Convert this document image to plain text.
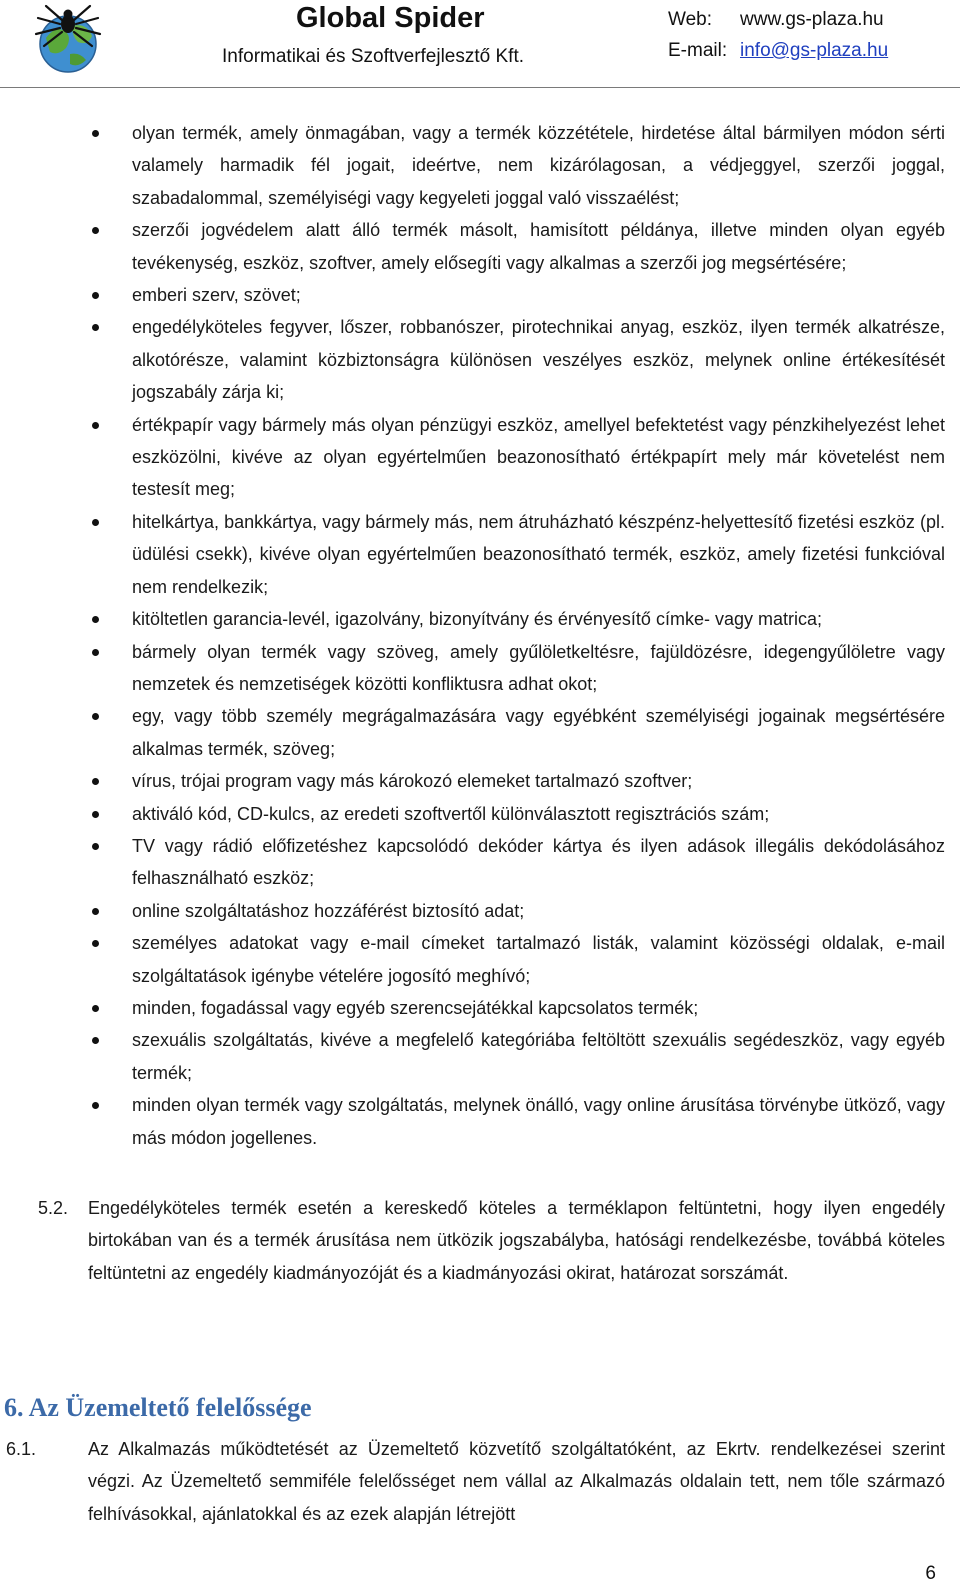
Global Spider
Informatikai és Szoftverfejlesztő Kft.
Web: www.gs-plaza.hu
E-mail: info@gs-plaza.hu
olyan termék, amely önmagában, vagy a termék közzététele, hirdetése által bármilyen módon sérti valamely harmadik fél jogait, ideértve, nem kizárólagosan, a védjeggyel, szerzői joggal, szabadalommal, személyiségi vagy kegyeleti joggal való visszaélést;
szerzői jogvédelem alatt álló termék másolt, hamisított példánya, illetve minden olyan egyéb tevékenység, eszköz, szoftver, amely elősegíti vagy alkalmas a szerzői jog megsértésére;
emberi szerv, szövet;
engedélyköteles fegyver, lőszer, robbanószer, pirotechnikai anyag, eszköz, ilyen termék alkatrésze, alkotórésze, valamint közbiztonságra különösen veszélyes eszköz, melynek online értékesítését jogszabály zárja ki;
értékpapír vagy bármely más olyan pénzügyi eszköz, amellyel befektetést vagy pénzkihelyezést lehet eszközölni, kivéve az olyan egyértelműen beazonosítható értékpapírt mely már követelést nem testesít meg;
hitelkártya, bankkártya, vagy bármely más, nem átruházható készpénz-helyettesítő fizetési eszköz (pl. üdülési csekk), kivéve olyan egyértelműen beazonosítható termék, eszköz, amely fizetési funkcióval nem rendelkezik;
kitöltetlen garancia-levél, igazolvány, bizonyítvány és érvényesítő címke- vagy matrica;
bármely olyan termék vagy szöveg, amely gyűlöletkeltésre, fajüldözésre, idegengyűlöletre vagy nemzetek és nemzetiségek közötti konfliktusra adhat okot;
egy, vagy több személy megrágalmazására vagy egyébként személyiségi jogainak megsértésére alkalmas termék, szöveg;
vírus, trójai program vagy más károkozó elemeket tartalmazó szoftver;
aktiváló kód, CD-kulcs, az eredeti szoftvertől különválasztott regisztrációs szám;
TV vagy rádió előfizetéshez kapcsolódó dekóder kártya és ilyen adások illegális dekódolásához felhasználható eszköz;
online szolgáltatáshoz hozzáférést biztosító adat;
személyes adatokat vagy e-mail címeket tartalmazó listák, valamint közösségi oldalak, e-mail szolgáltatások igénybe vételére jogosító meghívó;
minden, fogadással vagy egyéb szerencsejátékkal kapcsolatos termék;
szexuális szolgáltatás, kivéve a megfelelő kategóriába feltöltött szexuális segédeszköz, vagy egyéb termék;
minden olyan termék vagy szolgáltatás, melynek önálló, vagy online árusítása törvénybe ütköző, vagy más módon jogellenes.
5.2. Engedélyköteles termék esetén a kereskedő köteles a terméklapon feltüntetni, hogy ilyen engedély birtokában van és a termék árusítása nem ütközik jogszabályba, hatósági rendelkezésbe, továbbá köteles feltüntetni az engedély kiadmányozóját és a kiadmányozási okirat, határozat sorszámát.
6. Az Üzemeltető felelőssége
6.1.	Az Alkalmazás működtetését az Üzemeltető közvetítő szolgáltatóként, az Ekrtv. rendelkezései szerint végzi. Az Üzemeltető semmiféle felelősséget nem vállal az Alkalmazás oldalain tett, nem tőle származó felhívásokkal, ajánlatokkal és az ezek alapján létrejött
6
